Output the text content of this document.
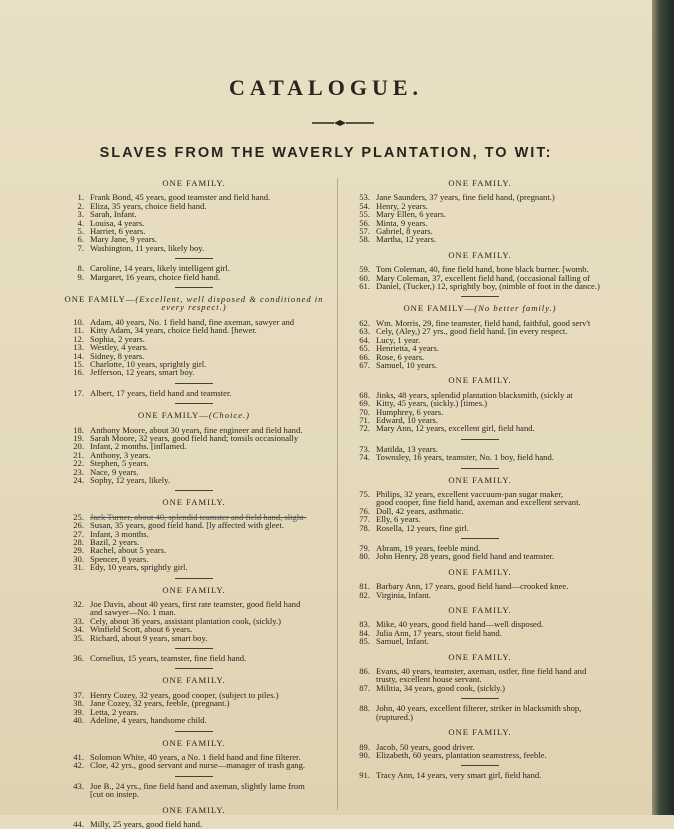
CATALOGUE.
SLAVES FROM THE WAVERLY PLANTATION, TO WIT:
ONE FAMILY.
1. Frank Bond, 45 years, good teamster and field hand.
2. Eliza, 35 years, choice field hand.
3. Sarah, Infant.
4. Louisa, 4 years.
5. Harriet, 6 years.
6. Mary Jane, 9 years.
7. Washington, 11 years, likely boy.
8. Caroline, 14 years, likely intelligent girl.
9. Margaret, 16 years, choice field hand.
ONE FAMILY—(Excellent, well disposed & conditioned in every respect.)
10. Adam, 40 years, No. 1 field hand, fine axeman, sawyer and
11. Kitty Adam, 34 years, choice field hand. [hewer.
12. Sophia, 2 years.
13. Westley, 4 years.
14. Sidney, 8 years.
15. Charlotte, 10 years, sprightly girl.
16. Jefferson, 12 years, smart boy.
17. Albert, 17 years, field hand and teamster.
ONE FAMILY—(Choice.)
18. Anthony Moore, about 30 years, fine engineer and field hand.
19. Sarah Moore, 32 years, good field hand; tonsils occasionally
20. Infant, 2 months. [inflamed.
21. Anthony, 3 years.
22. Stephen, 5 years.
23. Nace, 9 years.
24. Sophy, 12 years, likely.
ONE FAMILY.
25. Jack Turner, about 40, splendid teamster and field hand, slight-
26. Susan, 35 years, good field hand. [ly affected with gleet.
27. Infant, 3 months.
28. Bazil, 2 years.
29. Rachel, about 5 years.
30. Spencer, 8 years.
31. Edy, 10 years, sprightly girl.
ONE FAMILY.
32. Joe Davis, about 40 years, first rate teamster, good field hand
and sawyer—No. 1 man.
33. Cely, about 36 years, assistant plantation cook, (sickly.)
34. Winfield Scott, about 6 years.
35. Richard, about 9 years, smart boy.
36. Cornelius, 15 years, teamster, fine field hand.
ONE FAMILY.
37. Henry Cozey, 32 years, good cooper, (subject to piles.)
38. Jane Cozey, 32 years, feeble, (pregnant.)
39. Letta, 2 years.
40. Adeline, 4 years, handsome child.
ONE FAMILY.
41. Solomon White, 40 years, a No. 1 field hand and fine filterer.
42. Cloe, 42 yrs., good servant and nurse—manager of trash gang.
43. Joe B., 24 yrs., fine field hand and axeman, slightly lame from
[cut on instep.
ONE FAMILY.
44. Milly, 25 years, good field hand.
ONE FAMILY.
53. Jane Saunders, 37 years, fine field hand, (pregnant.)
54. Henry, 2 years.
55. Mary Ellen, 6 years.
56. Minta, 9 years.
57. Gabriel, 8 years.
58. Martha, 12 years.
ONE FAMILY.
59. Tom Coleman, 40, fine field hand, bone black burner. [womb.
60. Mary Coleman, 37, excellent field hand, (occasional falling of
61. Daniel, (Tucker,) 12, sprightly boy, (nimble of foot in the dance.)
ONE FAMILY—(No better family.)
62. Wm. Morris, 29, fine teamster, field hand, faithful, good serv't
63. Cely, (Aley,) 27 yrs., good field hand. [in every respect.
64. Lucy, 1 year.
65. Henrietta, 4 years.
66. Rose, 6 years.
67. Samuel, 10 years.
ONE FAMILY.
68. Jinks, 48 years, splendid plantation blacksmith, (sickly at
69. Kitty, 45 years, (sickly.) [times.)
70. Humphrey, 6 years.
71. Edward, 10 years.
72. Mary Ann, 12 years, excellent girl, field hand.
73. Matilda, 13 years.
74. Townsley, 16 years, teamster, No. 1 boy, field hand.
ONE FAMILY.
75. Philips, 32 years, excellent vaccuum-pan sugar maker,
good cooper, fine field hand, axeman and excellent servant.
76. Doll, 42 years, asthmatic.
77. Elly, 6 years.
78. Rosella, 12 years, fine girl.
79. Abram, 19 years, feeble mind.
80. John Henry, 28 years, good field hand and teamster.
ONE FAMILY.
81. Barbary Ann, 17 years, good field hand—crooked knee.
82. Virginia, Infant.
ONE FAMILY.
83. Mike, 40 years, good field hand—well disposed.
84. Julia Ann, 17 years, stout field hand.
85. Samuel, Infant.
ONE FAMILY.
86. Evans, 40 years, teamster, axeman, ostler, fine field hand and
trusty, excellent house servant.
87. Militia, 34 years, good cook, (sickly.)
88. John, 40 years, excellent filterer, striker in blacksmith shop,
(ruptured.)
ONE FAMILY.
89. Jacob, 50 years, good driver.
90. Elizabeth, 60 years, plantation seamstress, feeble.
91. Tracy Ann, 14 years, very smart girl, field hand.
